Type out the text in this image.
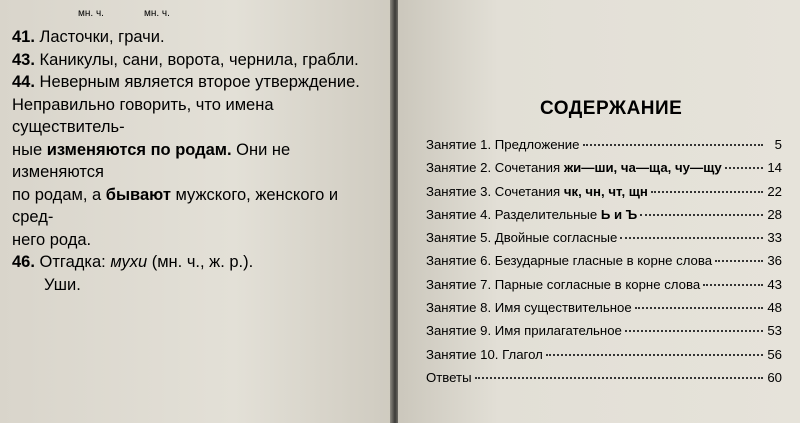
мн. ч.	мн. ч.

41. Ласточки, грачи.

43. Каникулы, сани, ворота, чернила, грабли.

44. Неверным является второе утверждение.
Неправильно говорить, что имена существитель-
ные изменяются по родам. Они не изменяются
по родам, а бывают мужского, женского и сред-
него рода.

46. Отгадка: мухи (мн. ч., ж. р.).

Уши.

СОДЕРЖАНИЕ
Занятие 1. Предложение	5
Занятие 2. Сочетания жи—ши, ча—ща, чу—щу	14
Занятие 3. Сочетания чк, чн, чт, щн	22
Занятие 4. Разделительные Ь и Ъ	28
Занятие 5. Двойные согласные	33
Занятие 6. Безударные гласные в корне слова	36
Занятие 7. Парные согласные в корне слова	43
Занятие 8. Имя существительное	48
Занятие 9. Имя прилагательное	53
Занятие 10. Глагол	56
Ответы	60
